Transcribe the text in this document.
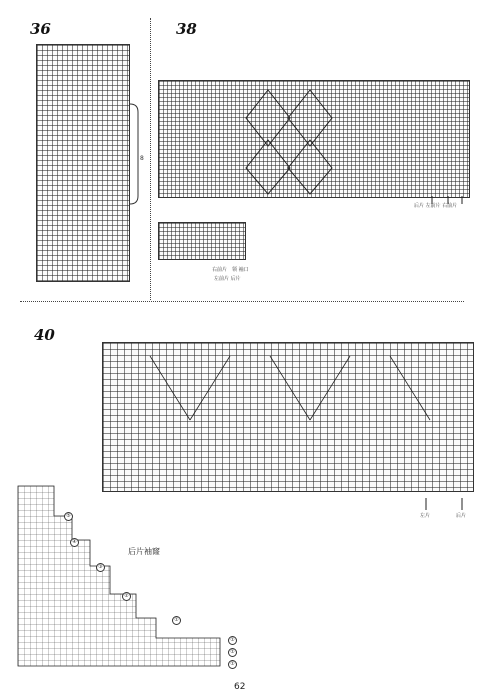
36	38
40
8
后片 左前片 右前片
右前片 领 袖口
左前片 后片
左片	后片
后片袖窿
⑤
④
③
②
①
①
①
①
62
